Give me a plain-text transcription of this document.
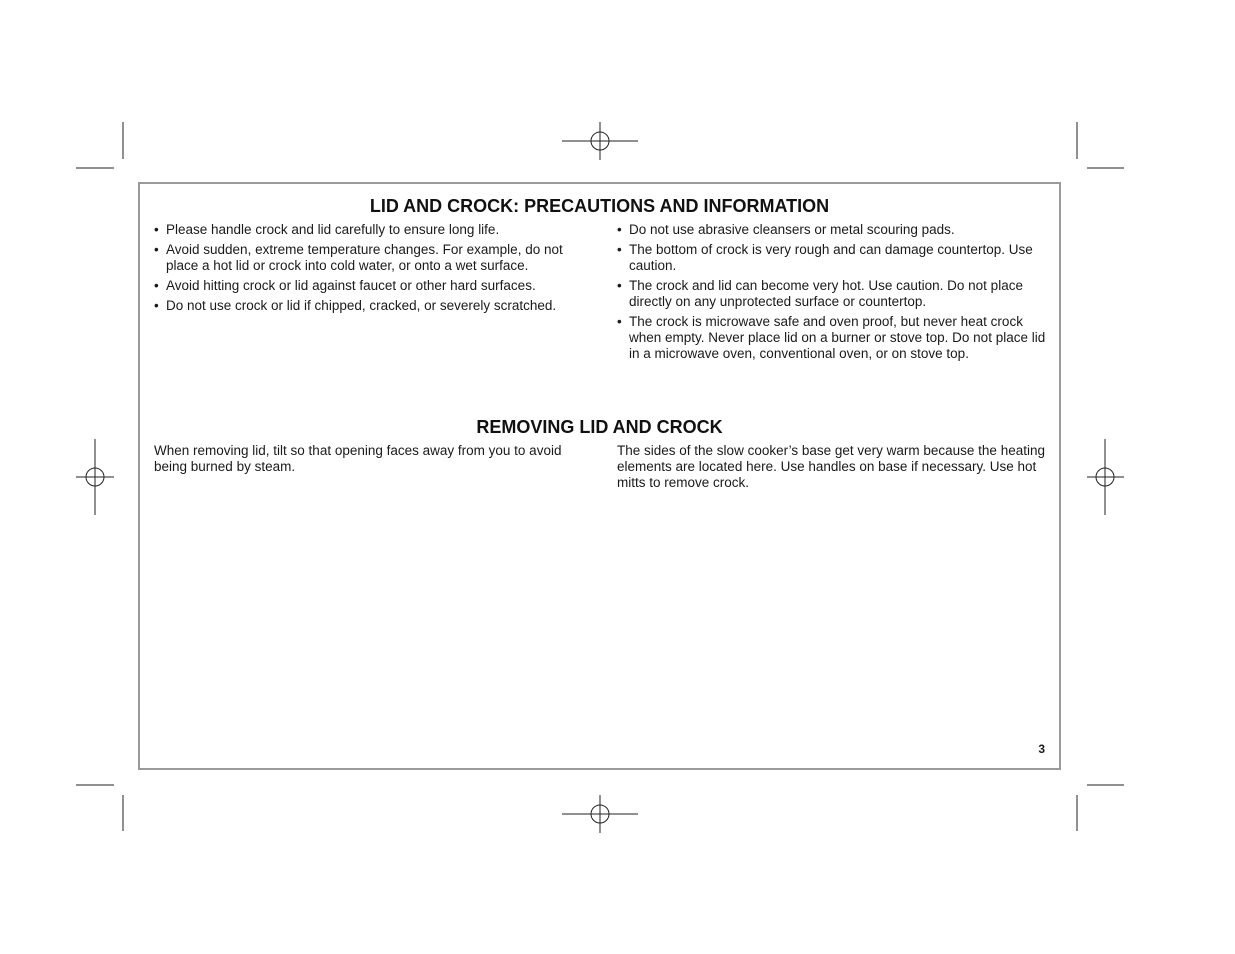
LID AND CROCK: PRECAUTIONS AND INFORMATION
• Please handle crock and lid carefully to ensure long life.
• Avoid sudden, extreme temperature changes. For example, do not place a hot lid or crock into cold water, or onto a wet surface.
• Avoid hitting crock or lid against faucet or other hard surfaces.
• Do not use crock or lid if chipped, cracked, or severely scratched.
• Do not use abrasive cleansers or metal scouring pads.
• The bottom of crock is very rough and can damage countertop. Use caution.
• The crock and lid can become very hot. Use caution. Do not place directly on any unprotected surface or countertop.
• The crock is microwave safe and oven proof, but never heat crock when empty. Never place lid on a burner or stove top. Do not place lid in a microwave oven, conventional oven, or on stove top.
REMOVING LID AND CROCK

When removing lid, tilt so that opening faces away from you to avoid being burned by steam.

The sides of the slow cooker’s base get very warm because the heating elements are located here. Use handles on base if necessary. Use hot mitts to remove crock.

3
